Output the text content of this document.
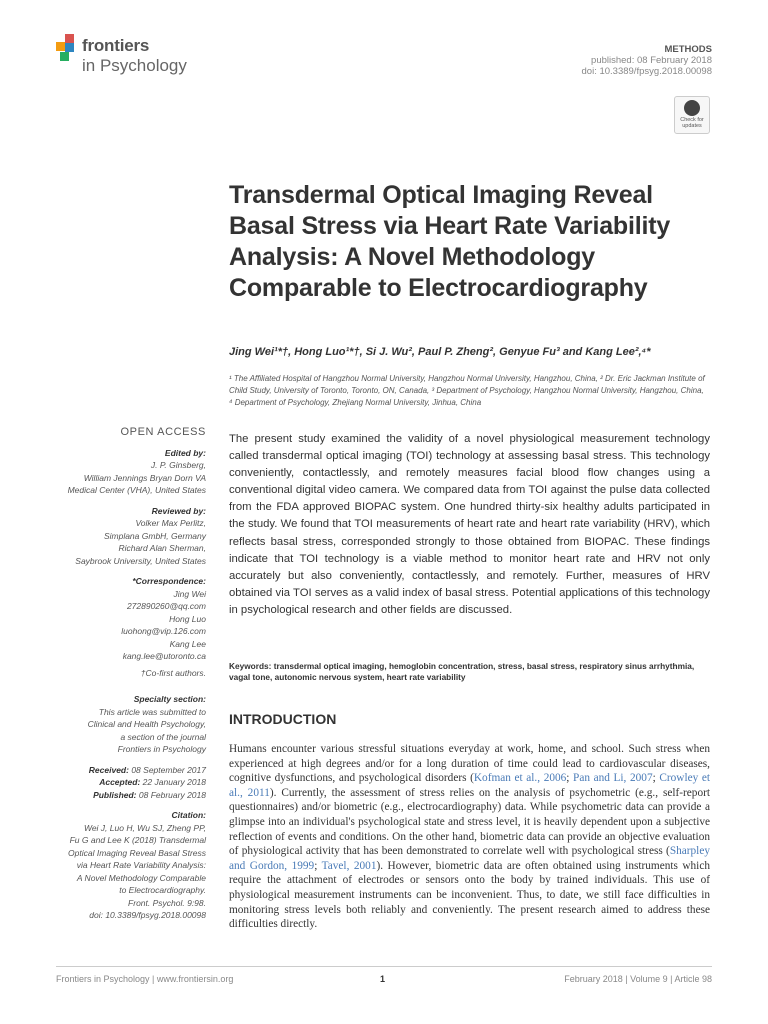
frontiers
in Psychology
METHODS
published: 08 February 2018
doi: 10.3389/fpsyg.2018.00098
Check for updates
Transdermal Optical Imaging Reveal Basal Stress via Heart Rate Variability Analysis: A Novel Methodology Comparable to Electrocardiography
Jing Wei¹*†, Hong Luo¹*†, Si J. Wu², Paul P. Zheng², Genyue Fu³ and Kang Lee²,⁴*
¹ The Affiliated Hospital of Hangzhou Normal University, Hangzhou Normal University, Hangzhou, China, ² Dr. Eric Jackman Institute of Child Study, University of Toronto, Toronto, ON, Canada, ³ Department of Psychology, Hangzhou Normal University, Hangzhou, China, ⁴ Department of Psychology, Zhejiang Normal University, Jinhua, China
OPEN ACCESS
Edited by:
J. P. Ginsberg,
William Jennings Bryan Dorn VA
Medical Center (VHA), United States
Reviewed by:
Volker Max Perlitz,
Simplana GmbH, Germany
Richard Alan Sherman,
Saybrook University, United States
*Correspondence:
Jing Wei
272890260@qq.com
Hong Luo
luohong@vip.126.com
Kang Lee
kang.lee@utoronto.ca
†Co-first authors.
Specialty section:
This article was submitted to
Clinical and Health Psychology,
a section of the journal
Frontiers in Psychology
Received: 08 September 2017
Accepted: 22 January 2018
Published: 08 February 2018
Citation:
Wei J, Luo H, Wu SJ, Zheng PP,
Fu G and Lee K (2018) Transdermal
Optical Imaging Reveal Basal Stress
via Heart Rate Variability Analysis:
A Novel Methodology Comparable
to Electrocardiography.
Front. Psychol. 9:98.
doi: 10.3389/fpsyg.2018.00098
The present study examined the validity of a novel physiological measurement technology called transdermal optical imaging (TOI) technology at assessing basal stress. This technology conveniently, contactlessly, and remotely measures facial blood flow changes using a conventional digital video camera. We compared data from TOI against the pulse data collected from the FDA approved BIOPAC system. One hundred thirty-six healthy adults participated in the study. We found that TOI measurements of heart rate and heart rate variability (HRV), which reflects basal stress, corresponded strongly to those obtained from BIOPAC. These findings indicate that TOI technology is a viable method to monitor heart rate and HRV not only accurately but also conveniently, contactlessly, and remotely. Further, measures of HRV obtained via TOI serves as a valid index of basal stress. Potential applications of this technology in psychological research and other fields are discussed.
Keywords: transdermal optical imaging, hemoglobin concentration, stress, basal stress, respiratory sinus arrhythmia, vagal tone, autonomic nervous system, heart rate variability
INTRODUCTION
Humans encounter various stressful situations everyday at work, home, and school. Such stress when experienced at high degrees and/or for a long duration of time could lead to cardiovascular diseases, cognitive dysfunctions, and psychological disorders (Kofman et al., 2006; Pan and Li, 2007; Crowley et al., 2011). Currently, the assessment of stress relies on the analysis of psychometric (e.g., self-report questionnaires) and/or biometric (e.g., electrocardiography) data. While psychometric data can provide a glimpse into an individual's psychological state and stress level, it is heavily dependent upon a subjective reflection of events and conditions. On the other hand, biometric data can provide an objective evaluation of physiological activity that has been demonstrated to correlate well with psychological stress (Sharpley and Gordon, 1999; Tavel, 2001). However, biometric data are often obtained using instruments which require the attachment of electrodes or sensors onto the body by trained individuals. This use of physiological measurement instruments can be inconvenient. Thus, to date, we still face difficulties in monitoring stress levels both reliably and conveniently. The present research aimed to address these difficulties directly.
Frontiers in Psychology | www.frontiersin.org	1	February 2018 | Volume 9 | Article 98
